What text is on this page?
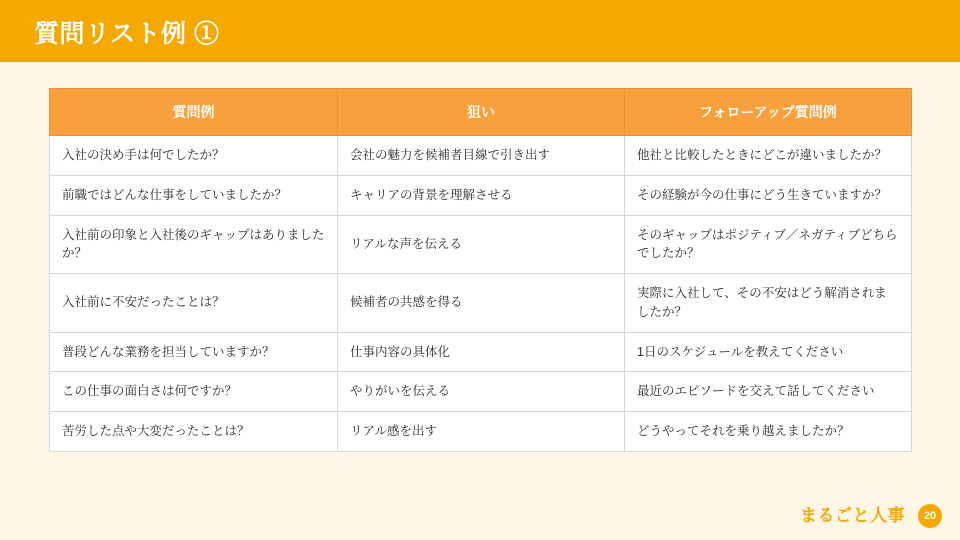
質問リスト例 ①
質問例	狙い	フォローアップ質問例
入社の決め手は何でしたか？	会社の魅力を候補者目線で引き出す	他社と比較したときにどこが違いましたか？
前職ではどんな仕事をしていましたか？	キャリアの背景を理解させる	その経験が今の仕事にどう生きていますか？
入社前の印象と入社後のギャップはありましたか？	リアルな声を伝える	そのギャップはポジティブ／ネガティブどちらでしたか？
入社前に不安だったことは？	候補者の共感を得る	実際に入社して、その不安はどう解消されましたか？
普段どんな業務を担当していますか？	仕事内容の具体化	1日のスケジュールを教えてください
この仕事の面白さは何ですか？	やりがいを伝える	最近のエピソードを交えて話してください
苦労した点や大変だったことは？	リアル感を出す	どうやってそれを乗り越えましたか？
まるごと人事	20
